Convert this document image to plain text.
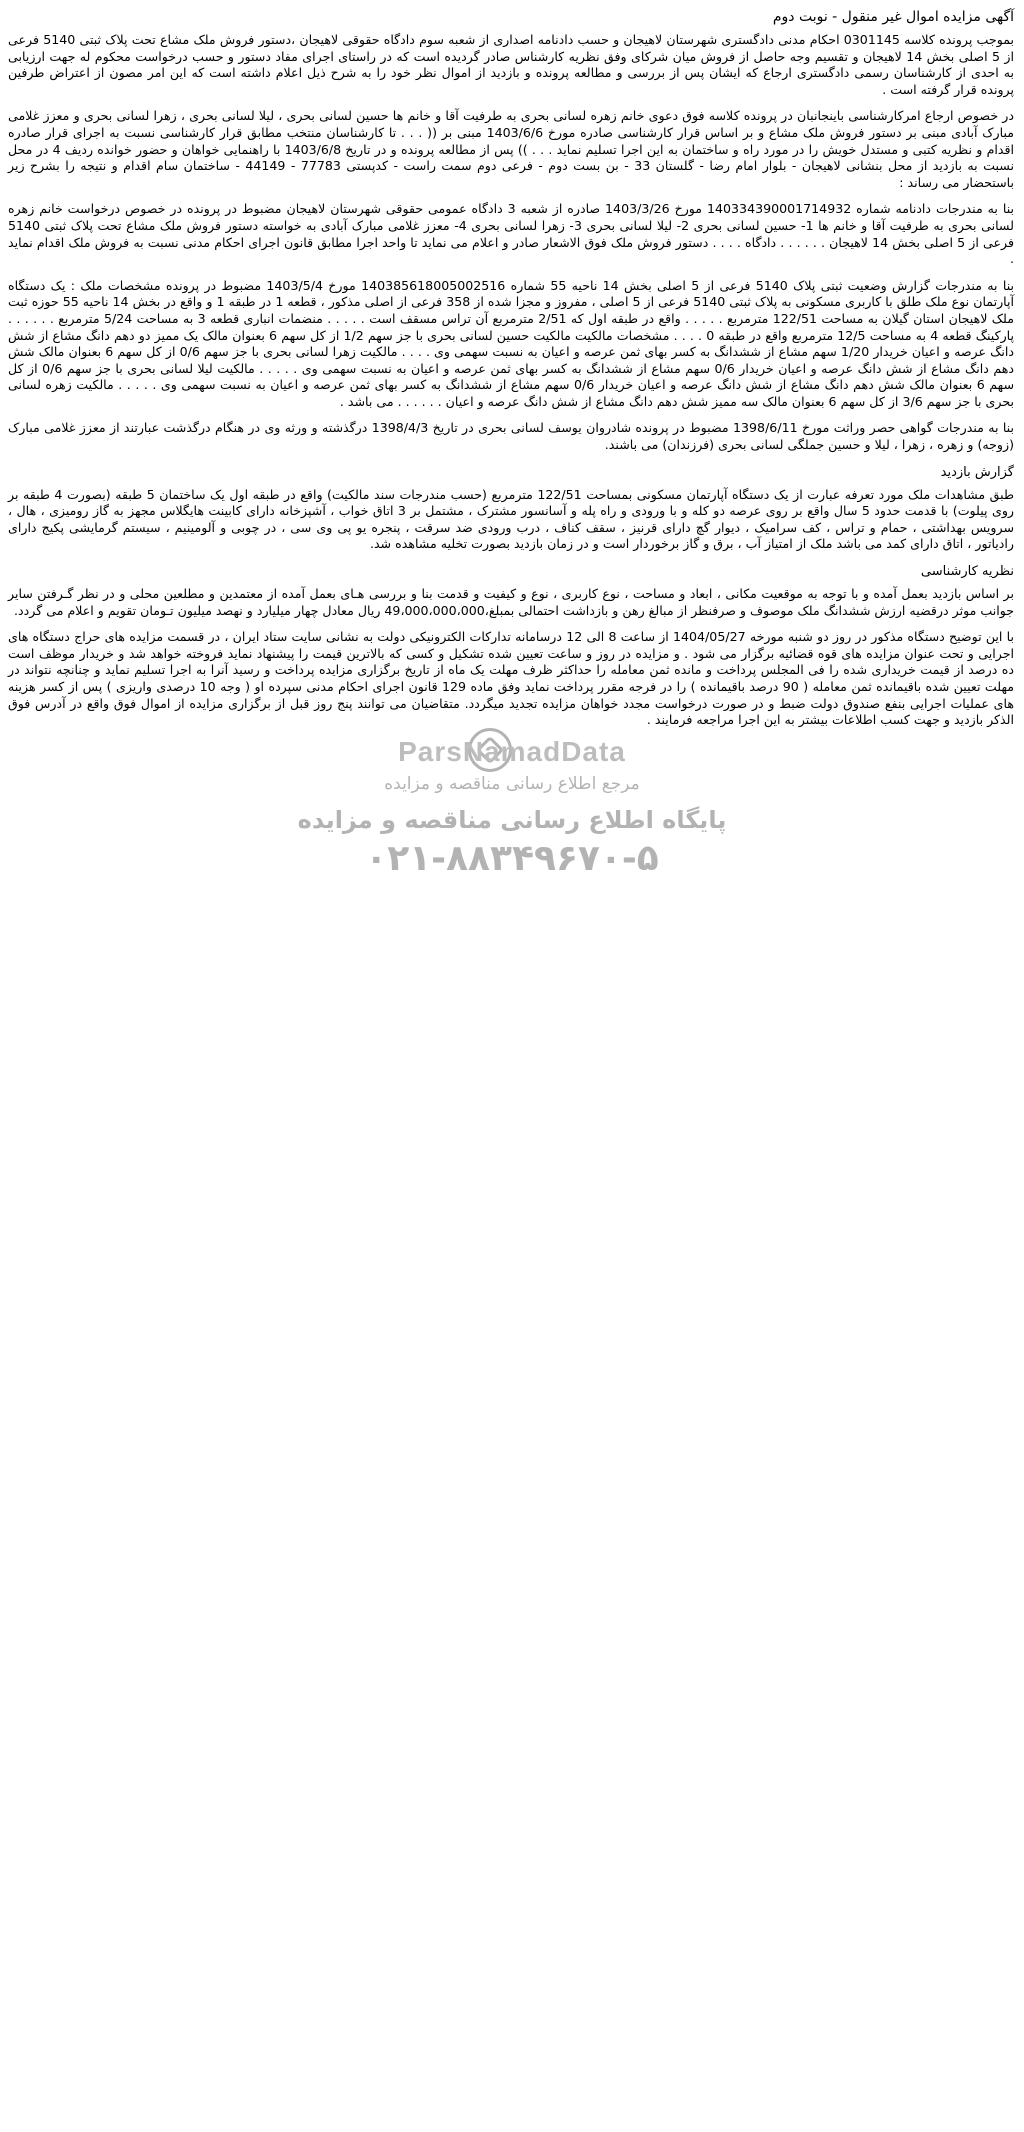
آگهی مزایده اموال غیر منقول - نوبت دوم

بموجب پرونده کلاسه 0301145 احکام مدنی دادگستری شهرستان لاهیجان و حسب دادنامه اصداری از شعبه سوم دادگاه حقوقی لاهیجان ،دستور فروش ملک مشاع تحت پلاک ثبتی 5140 فرعی از 5 اصلی بخش 14 لاهیجان و تقسیم وجه حاصل از فروش میان شرکای وفق نظریه کارشناس صادر گردیده است که در راستای اجرای مفاد دستور و حسب درخواست محکوم له جهت ارزیابی به احدی از کارشناسان رسمی دادگستری ارجاع که ایشان پس از بررسی و مطالعه پرونده و بازدید از اموال نظر خود را به شرح ذیل اعلام داشته است که این امر مصون از اعتراض طرفین پرونده قرار گرفته است .

در خصوص ارجاع امرکارشناسی باینجانبان در پرونده کلاسه فوق دعوی خانم زهره لسانی بحری به طرفیت آقا و خانم ها حسین لسانی بحری ، لیلا لسانی بحری ، زهرا لسانی بحری و معزز غلامی مبارک آبادی مبنی بر دستور فروش ملک مشاع و بر اساس قرار کارشناسی صادره مورخ 1403/6/6 مبنی بر (( . . . تا کارشناسان منتخب مطابق قرار کارشناسی نسبت به اجرای قرار صادره اقدام و نظریه کتبی و مستدل خویش را در مورد راه و ساختمان به این اجرا تسلیم نماید . . . )) پس از مطالعه پرونده و در تاریخ 1403/6/8 با راهنمایی خواهان و حضور خوانده ردیف 4 در محل نسبت به بازدید از محل بنشانی لاهیجان - بلوار امام رضا - گلستان 33 - بن بست دوم - فرعی دوم سمت راست - کدپستی 77783 - 44149 - ساختمان سام اقدام و نتیجه را بشرح زیر باستحضار می رساند :

بنا به مندرجات دادنامه شماره 140334390001714932 مورخ 1403/3/26 صادره از شعبه 3 دادگاه عمومی حقوقی شهرستان لاهیجان مضبوط در پرونده در خصوص درخواست خانم زهره لسانی بحری به طرفیت آقا و خانم ها 1- حسین لسانی بحری 2- لیلا لسانی بحری 3- زهرا لسانی بحری 4- معزز غلامی مبارک آبادی به خواسته دستور فروش ملک مشاع تحت پلاک ثبتی 5140 فرعی از 5 اصلی بخش 14 لاهیجان . . . . . . دادگاه . . . . دستور فروش ملک فوق الاشعار صادر و اعلام می نماید تا واحد اجرا مطابق قانون اجرای احکام مدنی نسبت به فروش ملک اقدام نماید .

بنا به مندرجات گزارش وضعیت ثبتی پلاک 5140 فرعی از 5 اصلی بخش 14 ناحیه 55 شماره 140385618005002516 مورخ 1403/5/4 مضبوط در پرونده مشخصات ملک : یک دستگاه آپارتمان نوع ملک طلق با کاربری مسکونی به پلاک ثبتی 5140 فرعی از 5 اصلی ، مفروز و مجزا شده از 358 فرعی از اصلی مذکور ، قطعه 1 در طبقه 1 و واقع در بخش 14 ناحیه 55 حوزه ثبت ملک لاهیجان استان گیلان به مساحت 122/51 مترمربع . . . . . واقع در طبقه اول که 2/51 مترمربع آن تراس مسقف است . . . . . منضمات انباری قطعه 3 به مساحت 5/24 مترمربع . . . . . . پارکینگ قطعه 4 به مساحت 12/5 مترمربع واقع در طبقه 0 . . . . مشخصات مالکیت مالکیت حسین لسانی بحری با جز سهم 1/2 از کل سهم 6 بعنوان مالک یک ممیز دو دهم دانگ مشاع از شش دانگ عرصه و اعیان خریدار 1/20 سهم مشاع از ششدانگ به کسر بهای ثمن عرصه و اعیان به نسبت سهمی وی . . . . مالکیت زهرا لسانی بحری با جز سهم 0/6 از کل سهم 6 بعنوان مالک شش دهم دانگ مشاع از شش دانگ عرصه و اعیان خریدار 0/6 سهم مشاع از ششدانگ به کسر بهای ثمن عرصه و اعیان به نسبت سهمی وی . . . . . مالکیت لیلا لسانی بحری با جز سهم 0/6 از کل سهم 6 بعنوان مالک شش دهم دانگ مشاع از شش دانگ عرصه و اعیان خریدار 0/6 سهم مشاع از ششدانگ به کسر بهای ثمن عرصه و اعیان به نسبت سهمی وی . . . . . مالکیت زهره لسانی بحری با جز سهم 3/6 از کل سهم 6 بعنوان مالک سه ممیز شش دهم دانگ مشاع از شش دانگ عرصه و اعیان . . . . . . می باشد .

بنا به مندرجات گواهی حصر وراثت مورخ 1398/6/11 مضبوط در پرونده شادروان یوسف لسانی بحری در تاریخ 1398/4/3 درگذشته و ورثه وی در هنگام درگذشت عبارتند از معزز غلامی مبارک (زوجه) و زهره ، زهرا ، لیلا و حسین جملگی لسانی بحری (فرزندان) می باشند.

گزارش بازدید

طبق مشاهدات ملک مورد تعرفه عبارت از یک دستگاه آپارتمان مسکونی بمساحت 122/51 مترمربع (حسب مندرجات سند مالکیت) واقع در طبقه اول یک ساختمان 5 طبقه (بصورت 4 طبقه بر روی پیلوت) با قدمت حدود 5 سال واقع بر روی عرصه دو کله و با ورودی و راه پله و آسانسور مشترک ، مشتمل بر 3 اتاق خواب ، آشپزخانه دارای کابینت هایگلاس مجهز به گاز رومیزی ، هال ، سرویس بهداشتی ، حمام و تراس ، کف سرامیک ، دیوار گچ دارای قرنیز ، سقف کناف ، درب ورودی ضد سرقت ، پنجره یو پی وی سی ، در چوبی و آلومینیم ، سیستم گرمایشی پکیج دارای رادیاتور ، اتاق دارای کمد می باشد ملک از امتیاز آب ، برق و گاز برخوردار است و در زمان بازدید بصورت تخلیه مشاهده شد.

نظریه کارشناسی

بر اساس بازدید بعمل آمده و با توجه به موقعیت مکانی ، ابعاد و مساحت ، نوع کاربری ، نوع و کیفیت و قدمت بنا و بررسی هـای بعمل آمده از معتمدین و مطلعین محلی و در نظر گـرفتن سایر جوانب موثر درقضیه ارزش ششدانگ ملک موصوف و صرفنظر از مبالغ رهن و بازداشت احتمالی بمبلغ،49،000،000،000 ریال معادل چهار میلیارد و نهصد میلیون تـومان تقویم و اعلام می گردد.

با این توضیح دستگاه مذکور در روز دو شنبه مورخه 1404/05/27 از ساعت 8 الی 12 درسامانه تدارکات الکترونیکی دولت به نشانی سایت ستاد ایران ، در قسمت مزایده های حراج دستگاه های اجرایی و تحت عنوان مزایده های قوه قضائیه برگزار می شود . و مزایده در روز و ساعت تعیین شده تشکیل و کسی که بالاترین قیمت را پیشنهاد نماید فروخته خواهد شد و خریدار موظف است ده درصد از قیمت خریداری شده را فی المجلس پرداخت و مانده ثمن معامله را حداکثر ظرف مهلت یک ماه از تاریخ برگزاری مزایده پرداخت و رسید آنرا به اجرا تسلیم نماید و چنانچه نتواند در مهلت تعیین شده باقیمانده ثمن معامله ( 90 درصد باقیمانده ) را در فرجه مقرر پرداخت نماید وفق ماده 129 قانون اجرای احکام مدنی سپرده او ( وجه 10 درصدی واریزی ) پس از کسر هزینه های عملیات اجرایی بنفع صندوق دولت ضبط و در صورت درخواست مجدد خواهان مزایده تجدید میگردد. متقاضیان می توانند پنج روز قبل از برگزاری مزایده از اموال فوق واقع در آدرس فوق الذکر بازدید و جهت کسب اطلاعات بیشتر به این اجرا مراجعه فرمایند .

ParsNamadData
مرجع اطلاع رسانی مناقصه و مزایده
پایگاه اطلاع رسانی مناقصه و مزایده
۰۲۱-۸۸۳۴۹۶۷۰-۵
